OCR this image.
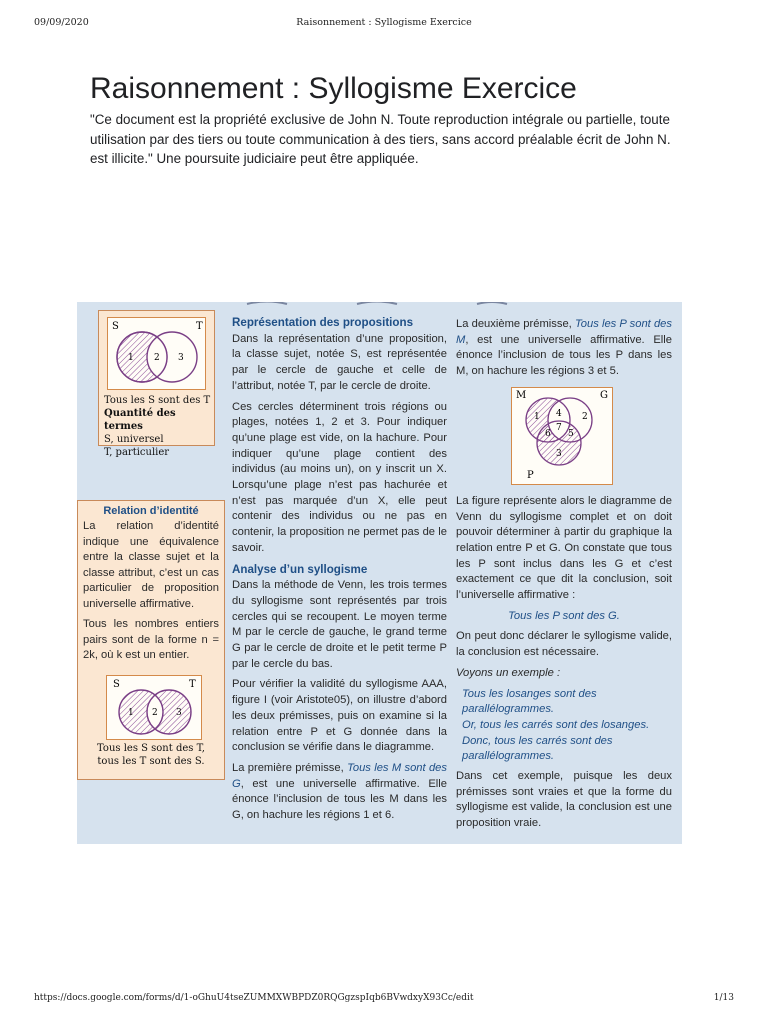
09/09/2020	Raisonnement : Syllogisme Exercice
Raisonnement : Syllogisme Exercice

"Ce document est la propriété exclusive de John N. Toute reproduction intégrale ou partielle, toute utilisation par des tiers ou toute communication à des tiers, sans accord préalable écrit de John N. est illicite." Une poursuite judiciaire peut être appliquée.

S	T
1 2 3
Tous les S sont des T
Quantité des termes
S, universel
T, particulier
Relation d’identité

La relation d’identité indique une équivalence entre la classe sujet et la classe attribut, c’est un cas particulier de proposition universelle affirmative.

Tous les nombres entiers pairs sont de la forme n = 2k, où k est un entier.

S	T
1 2 3
Tous les S sont des T,
tous les T sont des S.

Représentation des propositions

Dans la représentation d’une proposition, la classe sujet, notée S, est représentée par le cercle de gauche et celle de l’attribut, notée T, par le cercle de droite.

Ces cercles déterminent trois régions ou plages, notées 1, 2 et 3. Pour indiquer qu’une plage est vide, on la hachure. Pour indiquer qu’une plage contient des individus (au moins un), on y inscrit un X. Lorsqu’une plage n’est pas hachurée et n’est pas marquée d’un X, elle peut contenir des individus ou ne pas en contenir, la proposition ne permet pas de le savoir.

Analyse d’un syllogisme

Dans la méthode de Venn, les trois termes du syllogisme sont représentés par trois cercles qui se recoupent. Le moyen terme M par le cercle de gauche, le grand terme G par le cercle de droite et le petit terme P par le cercle du bas.

Pour vérifier la validité du syllogisme AAA, figure I (voir Aristote05), on illustre d’abord les deux prémisses, puis on examine si la relation entre P et G donnée dans la conclusion se vérifie dans le diagramme.

La première prémisse, Tous les M sont des G, est une universelle affirmative. Elle énonce l’inclusion de tous les M dans les G, on hachure les régions 1 et 6.

La deuxième prémisse, Tous les P sont des M, est une universelle affirmative. Elle énonce l’inclusion de tous les P dans les M, on hachure les régions 3 et 5.

M	G
P
1 4 2
7
6 5
3

La figure représente alors le diagramme de Venn du syllogisme complet et on doit pouvoir déterminer à partir du graphique la relation entre P et G. On constate que tous les P sont inclus dans les G et c’est exactement ce que dit la conclusion, soit l’universelle affirmative :

Tous les P sont des G.

On peut donc déclarer le syllogisme valide, la conclusion est nécessaire.

Voyons un exemple :

Tous les losanges sont des parallélogrammes.
Or, tous les carrés sont des losanges.
Donc, tous les carrés sont des parallélogrammes.

Dans cet exemple, puisque les deux prémisses sont vraies et que la forme du syllogisme est valide, la conclusion est une proposition vraie.

https://docs.google.com/forms/d/1-oGhuU4tseZUMMXWBPDZ0RQGgzspIqb6BVwdxyX93Cc/edit	1/13
